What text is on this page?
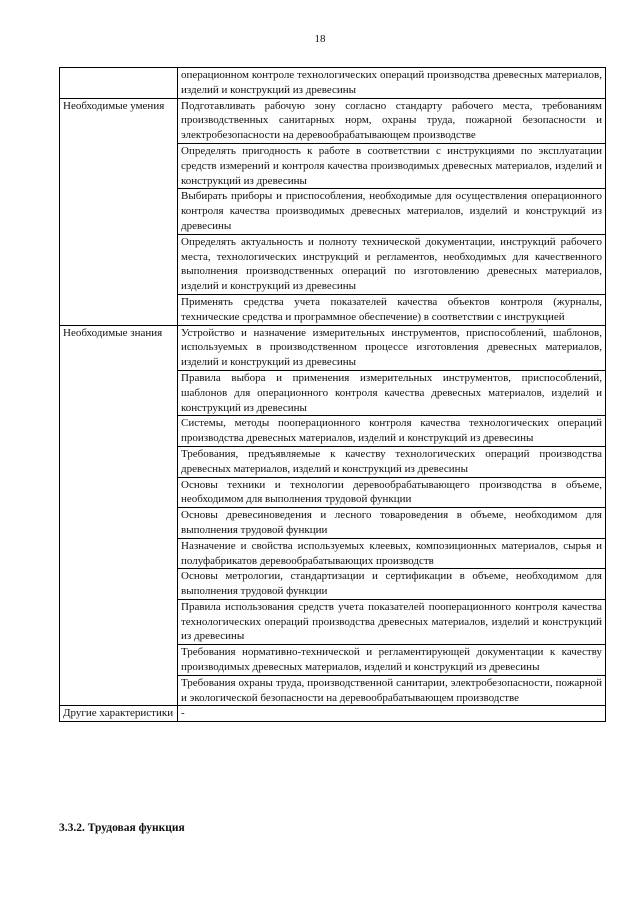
18
	операционном контроле технологических операций производства древесных материалов, изделий и конструкций из древесины
Необходимые умения	Подготавливать рабочую зону согласно стандарту рабочего места, требованиям производственных санитарных норм, охраны труда, пожарной безопасности и электробезопасности на деревообрабатывающем производстве
	Определять пригодность к работе в соответствии с инструкциями по эксплуатации средств измерений и контроля качества производимых древесных материалов, изделий и конструкций из древесины
	Выбирать приборы и приспособления, необходимые для осуществления операционного контроля качества производимых древесных материалов, изделий и конструкций из древесины
	Определять актуальность и полноту технической документации, инструкций рабочего места, технологических инструкций и регламентов, необходимых для качественного выполнения производственных операций по изготовлению древесных материалов, изделий и конструкций из древесины
	Применять средства учета показателей качества объектов контроля (журналы, технические средства и программное обеспечение) в соответствии с инструкцией
Необходимые знания	Устройство и назначение измерительных инструментов, приспособлений, шаблонов, используемых в производственном процессе изготовления древесных материалов, изделий и конструкций из древесины
	Правила выбора и применения измерительных инструментов, приспособлений, шаблонов для операционного контроля качества древесных материалов, изделий и конструкций из древесины
	Системы, методы пооперационного контроля качества технологических операций производства древесных материалов, изделий и конструкций из древесины
	Требования, предъявляемые к качеству технологических операций производства древесных материалов, изделий и конструкций из древесины
	Основы техники и технологии деревообрабатывающего производства в объеме, необходимом для выполнения трудовой функции
	Основы древесиноведения и лесного товароведения в объеме, необходимом для выполнения трудовой функции
	Назначение и свойства используемых клеевых, композиционных материалов, сырья и полуфабрикатов деревообрабатывающих производств
	Основы метрологии, стандартизации и сертификации в объеме, необходимом для выполнения трудовой функции
	Правила использования средств учета показателей пооперационного контроля качества технологических операций производства древесных материалов, изделий и конструкций из древесины
	Требования нормативно-технической и регламентирующей документации к качеству производимых древесных материалов, изделий и конструкций из древесины
	Требования охраны труда, производственной санитарии, электробезопасности, пожарной и экологической безопасности на деревообрабатывающем производстве
Другие характеристики	-
3.3.2. Трудовая функция
